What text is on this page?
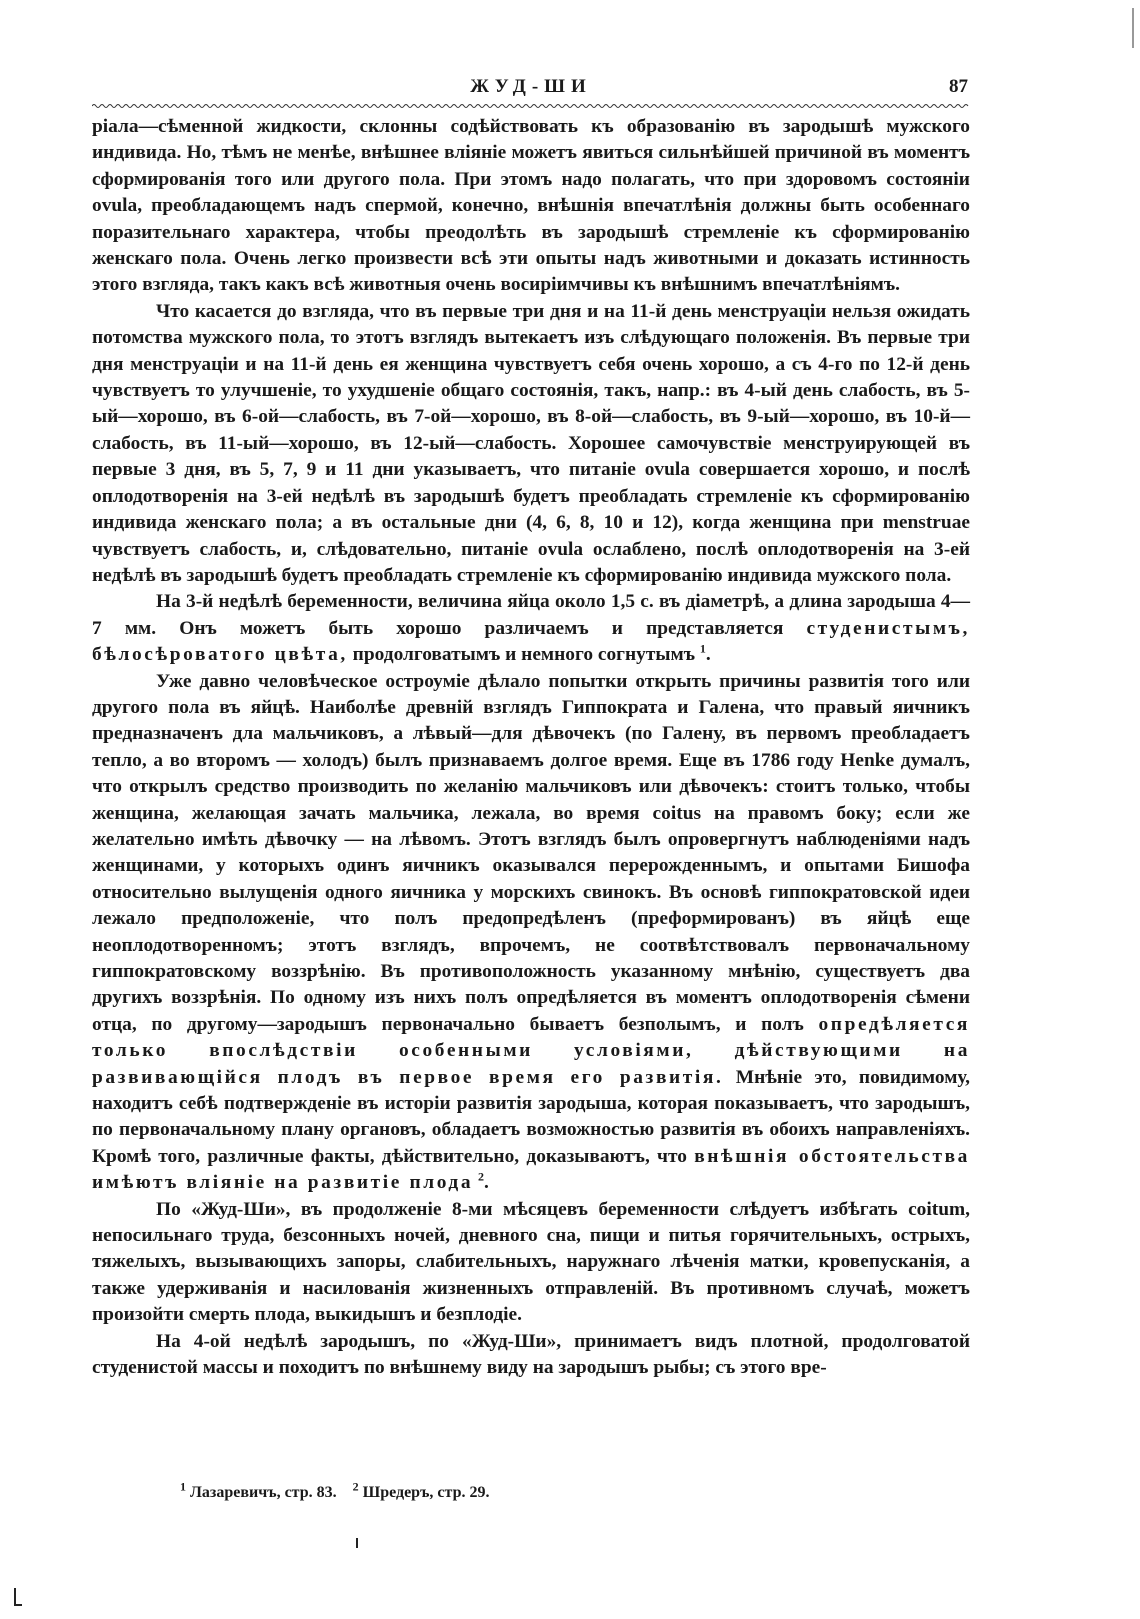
ЖУД-ШИ	87

ріала—сѣменной жидкости, склонны содѣйствовать къ образованію въ зародышѣ мужского индивида. Но, тѣмъ не менѣе, внѣшнее вліяніе можетъ явиться сильнѣйшей причиной въ моментъ сформированія того или другого пола. При этомъ надо полагать, что при здоровомъ состояніи ovula, преобладающемъ надъ спермой, конечно, внѣшнія впечатлѣнія должны быть особеннаго поразительнаго характера, чтобы преодолѣть въ зародышѣ стремленіе къ сформированію женскаго пола. Очень легко произвести всѣ эти опыты надъ животными и доказать истинность этого взгляда, такъ какъ всѣ животныя очень восиріимчивы къ внѣшнимъ впечатлѣніямъ.

Что касается до взгляда, что въ первые три дня и на 11-й день менструаціи нельзя ожидать потомства мужского пола, то этотъ взглядъ вытекаетъ изъ слѣдующаго положенія. Въ первые три дня менструаціи и на 11-й день ея женщина чувствуетъ себя очень хорошо, а съ 4-го по 12-й день чувствуетъ то улучшеніе, то ухудшеніе общаго состоянія, такъ, напр.: въ 4-ый день слабость, въ 5-ый—хорошо, въ 6-ой—слабость, въ 7-ой—хорошо, въ 8-ой—слабость, въ 9-ый—хорошо, въ 10-й—слабость, въ 11-ый—хорошо, въ 12-ый—слабость. Хорошее самочувствіе менструирующей въ первые 3 дня, въ 5, 7, 9 и 11 дни указываетъ, что питаніе ovula совершается хорошо, и послѣ оплодотворенія на 3-ей недѣлѣ въ зародышѣ будетъ преобладать стремленіе къ сформированію индивида женскаго пола; а въ остальные дни (4, 6, 8, 10 и 12), когда женщина при menstruae чувствуетъ слабость, и, слѣдовательно, питаніе ovula ослаблено, послѣ оплодотворенія на 3-ей недѣлѣ въ зародышѣ будетъ преобладать стремленіе къ сформированію индивида мужского пола.

На 3-й недѣлѣ беременности, величина яйца около 1,5 с. въ діаметрѣ, а длина зародыша 4—7 мм. Онъ можетъ быть хорошо различаемъ и представляется студенистымъ, бѣлосѣроватого цвѣта, продолговатымъ и немного согнутымъ $^1$.

Уже давно человѣческое остроуміе дѣлало попытки открыть причины развитія того или другого пола въ яйцѣ. Наиболѣе древній взглядъ Гиппократа и Галена, что правый яичникъ предназначенъ дла мальчиковъ, а лѣвый—для дѣвочекъ (по Галену, въ первомъ преобладаетъ тепло, а во второмъ — холодъ) былъ признаваемъ долгое время. Еще въ 1786 году Henke думалъ, что открылъ средство производить по желанію мальчиковъ или дѣвочекъ: стоитъ только, чтобы женщина, желающая зачать мальчика, лежала, во время coitus на правомъ боку; если же желательно имѣть дѣвочку — на лѣвомъ. Этотъ взглядъ былъ опровергнутъ наблюденіями надъ женщинами, у которыхъ одинъ яичникъ оказывался перерожденнымъ, и опытами Бишофа относительно вылущенія одного яичника у морскихъ свинокъ. Въ основѣ гиппократовской идеи лежало предположеніе, что полъ предопредѣленъ (преформированъ) въ яйцѣ еще неоплодотворенномъ; этотъ взглядъ, впрочемъ, не соотвѣтствовалъ первоначальному гиппократовскому воззрѣнію. Въ противоположность указанному мнѣнію, существуетъ два другихъ воззрѣнія. По одному изъ нихъ полъ опредѣляется въ моментъ оплодотворенія сѣмени отца, по другому—зародышъ первоначально бываетъ безполымъ, и полъ опредѣляется только впослѣдствіи особенными условіями, дѣйствующими на развивающійся плодъ въ первое время его развитія. Мнѣніе это, повидимому, находитъ себѣ подтвержденіе въ исторіи развитія зародыша, которая показываетъ, что зародышъ, по первоначальному плану органовъ, обладаетъ возможностью развитія въ обоихъ направленіяхъ. Кромѣ того, различные факты, дѣйствительно, доказываютъ, что внѣшнія обстоятельства имѣютъ вліяніе на развитіе плода $^2$.

По «Жуд-Ши», въ продолженіе 8-ми мѣсяцевъ беременности слѣдуетъ избѣгать coitum, непосильнаго труда, безсонныхъ ночей, дневного сна, пищи и питья горячительныхъ, острыхъ, тяжелыхъ, вызывающихъ запоры, слабительныхъ, наружнаго лѣченія матки, кровепусканія, а также удерживанія и насилованія жизненныхъ отправленій. Въ противномъ случаѣ, можетъ произойти смерть плода, выкидышъ и безплодіе.

На 4-ой недѣлѣ зародышъ, по «Жуд-Ши», принимаетъ видъ плотной, продолговатой студенистой массы и походитъ по внѣшнему виду на зародышъ рыбы; съ этого вре-

$^1$ Лазаревичъ, стр. 83. $^2$ Шредеръ, стр. 29.
